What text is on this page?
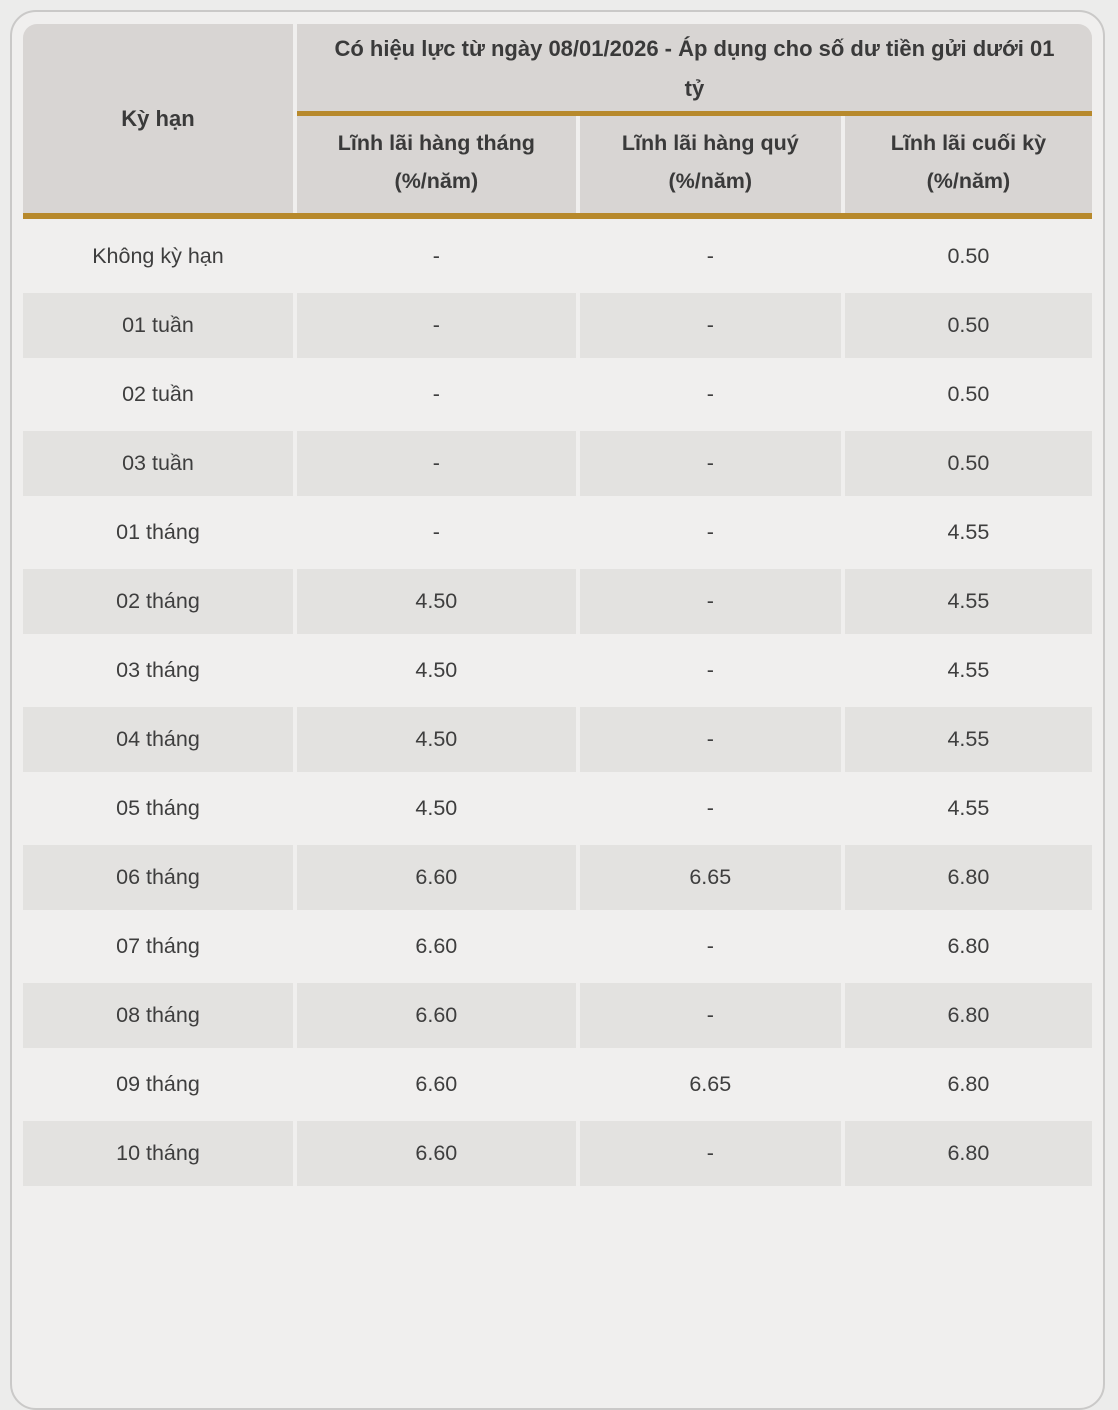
Kỳ hạn
Có hiệu lực từ ngày 08/01/2026 - Áp dụng cho số dư tiền gửi dưới 01 tỷ
Lĩnh lãi hàng tháng
(%/năm)
Lĩnh lãi hàng quý
(%/năm)
Lĩnh lãi cuối kỳ
(%/năm)
Không kỳ hạn	-	-	0.50
01 tuần	-	-	0.50
02 tuần	-	-	0.50
03 tuần	-	-	0.50
01 tháng	-	-	4.55
02 tháng	4.50	-	4.55
03 tháng	4.50	-	4.55
04 tháng	4.50	-	4.55
05 tháng	4.50	-	4.55
06 tháng	6.60	6.65	6.80
07 tháng	6.60	-	6.80
08 tháng	6.60	-	6.80
09 tháng	6.60	6.65	6.80
10 tháng	6.60	-	6.80
